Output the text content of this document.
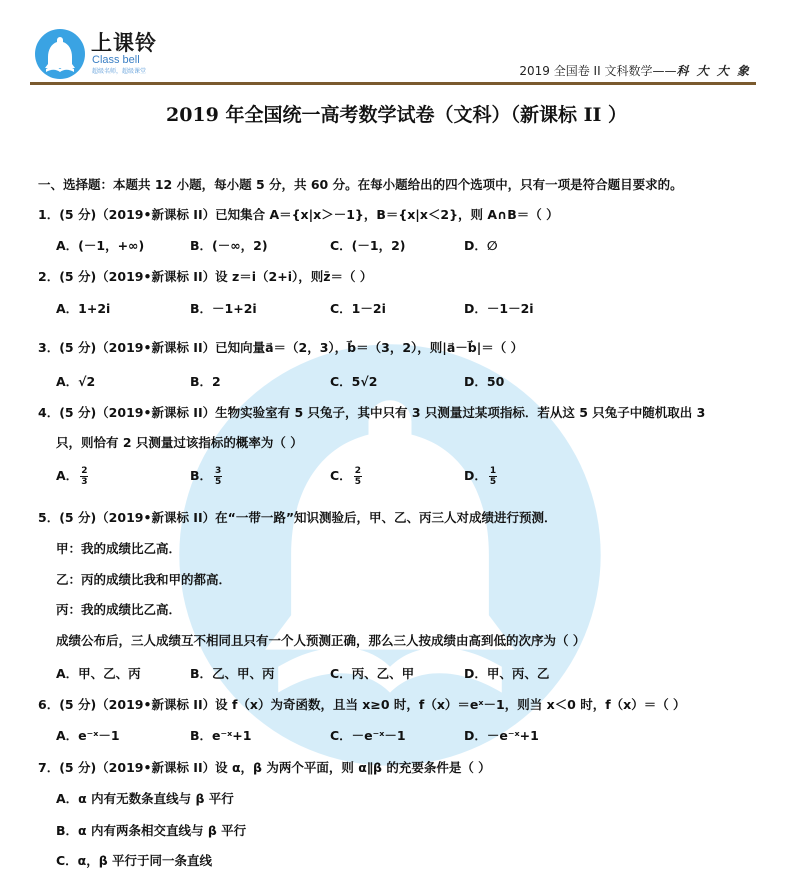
上课铃
Class bell
超级名师，超级课堂	2019 全国卷 II 文科数学——科 大 大 象
2019 年全国统一高考数学试卷（文科）（新课标 II ）
一、选择题：本题共 12 小题，每小题 5 分，共 60 分。在每小题给出的四个选项中，只有一项是符合题目要求的。
1．(5 分)（2019•新课标 II）已知集合 A＝{x|x＞－1}，B＝{x|x＜2}，则 A∩B＝（ ）
A．(－1，+∞)	B．(－∞，2)	C．(－1，2)	D．∅
2．(5 分)（2019•新课标 II）设 z＝i（2+i），则z̄＝（ ）
A．1+2i	B．－1+2i	C．1－2i	D．－1－2i
3．(5 分)（2019•新课标 II）已知向量a⃗＝（2，3），b⃗＝（3，2），则|a⃗－b⃗|＝（ ）
A．√2	B．2	C．5√2	D．50
4．(5 分)（2019•新课标 II）生物实验室有 5 只兔子，其中只有 3 只测量过某项指标．若从这 5 只兔子中随机取出 3
只，则恰有 2 只测量过该指标的概率为（ ）
A． $\frac{2}{3}$	B． $\frac{3}{5}$	C． $\frac{2}{5}$	D． $\frac{1}{5}$
5．(5 分)（2019•新课标 II）在“一带一路”知识测验后，甲、乙、丙三人对成绩进行预测．
甲：我的成绩比乙高．
乙：丙的成绩比我和甲的都高．
丙：我的成绩比乙高．
成绩公布后，三人成绩互不相同且只有一个人预测正确，那么三人按成绩由高到低的次序为（ ）
A．甲、乙、丙	B．乙、甲、丙	C．丙、乙、甲	D．甲、丙、乙
6．(5 分)（2019•新课标 II）设 f（x）为奇函数，且当 x≥0 时，f（x）＝eˣ－1，则当 x＜0 时，f（x）＝（ ）
A．e⁻ˣ－1	B．e⁻ˣ+1	C．－e⁻ˣ－1	D．－e⁻ˣ+1
7．(5 分)（2019•新课标 II）设 α，β 为两个平面，则 α∥β 的充要条件是（ ）
A．α 内有无数条直线与 β 平行
B．α 内有两条相交直线与 β 平行
C．α，β 平行于同一条直线
